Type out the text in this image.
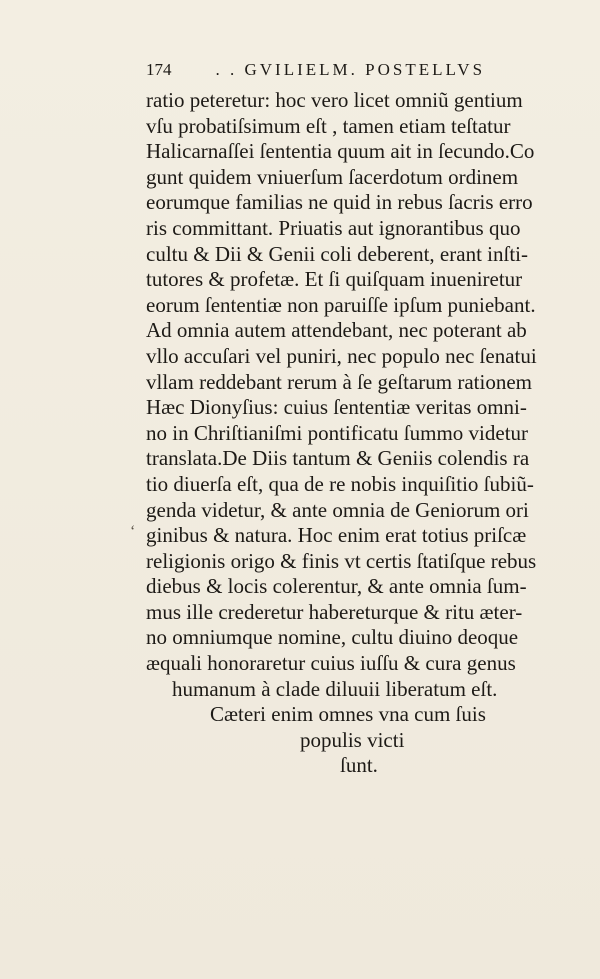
174	. . GVILIELM. POSTELLVS
‘
ratio peteretur: hoc vero licet omniũ gentium
vſu probatiſsimum eſt , tamen etiam teſtatur
Halicarnaſſei ſententia quum ait in ſecundo.Co
gunt quidem vniuerſum ſacerdotum ordinem
eorumque familias ne quid in rebus ſacris erro
ris committant. Priuatis aut ignorantibus quo
cultu & Dii & Genii coli deberent, erant inſti-
tutores & profetæ. Et ſi quiſquam inueniretur
eorum ſententiæ non paruiſſe ipſum puniebant.
Ad omnia autem attendebant, nec poterant ab
vllo accuſari vel puniri, nec populo nec ſenatui
vllam reddebant rerum à ſe geſtarum rationem
Hæc Dionyſius: cuius ſententiæ veritas omni-
no in Chriſtianiſmi pontificatu ſummo videtur
translata.De Diis tantum & Geniis colendis ra
tio diuerſa eſt, qua de re nobis inquiſitio ſubiũ-
genda videtur, & ante omnia de Geniorum ori
ginibus & natura. Hoc enim erat totius priſcæ
religionis origo & finis vt certis ſtatiſque rebus
diebus & locis colerentur, & ante omnia ſum-
mus ille crederetur habereturque & ritu æter-
no omniumque nomine, cultu diuino deoque
æquali honoraretur cuius iuſſu & cura genus
humanum à clade diluuii liberatum eſt.
Cæteri enim omnes vna cum ſuis
populis victi
ſunt.
